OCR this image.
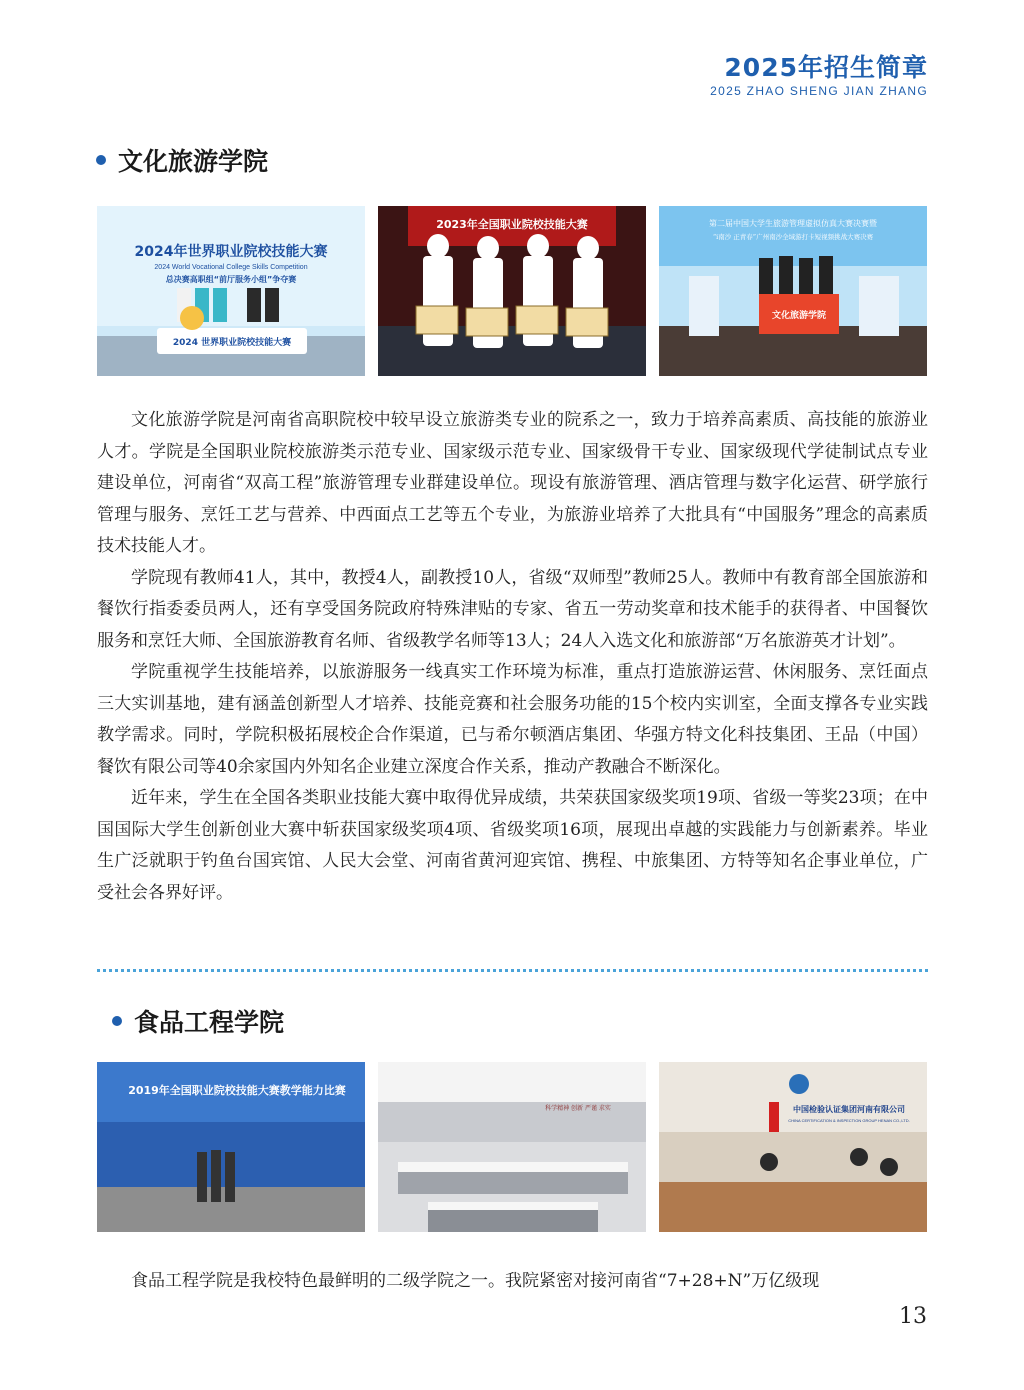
2025年招生简章
2025 ZHAO SHENG JIAN ZHANG
文化旅游学院
2024年世界职业院校技能大赛
2024 World Vocational College Skills Competition
总决赛高职组“前厅服务小组”争夺赛
2024 世界职业院校技能大赛
2023年全国职业院校技能大赛	第二届中国大学生旅游管理虚拟仿真大赛决赛暨
“i南沙 正青春”广州南沙全域游打卡短视频挑战大赛决赛
文化旅游学院

文化旅游学院是河南省高职院校中较早设立旅游类专业的院系之一，致力于培养高素质、高技能的旅游业人才。学院是全国职业院校旅游类示范专业、国家级示范专业、国家级骨干专业、国家级现代学徒制试点专业建设单位，河南省“双高工程”旅游管理专业群建设单位。现设有旅游管理、酒店管理与数字化运营、研学旅行管理与服务、烹饪工艺与营养、中西面点工艺等五个专业，为旅游业培养了大批具有“中国服务”理念的高素质技术技能人才。

学院现有教师41人，其中，教授4人，副教授10人，省级“双师型”教师25人。教师中有教育部全国旅游和餐饮行指委委员两人，还有享受国务院政府特殊津贴的专家、省五一劳动奖章和技术能手的获得者、中国餐饮服务和烹饪大师、全国旅游教育名师、省级教学名师等13人；24人入选文化和旅游部“万名旅游英才计划”。

学院重视学生技能培养，以旅游服务一线真实工作环境为标准，重点打造旅游运营、休闲服务、烹饪面点三大实训基地，建有涵盖创新型人才培养、技能竞赛和社会服务功能的15个校内实训室，全面支撑各专业实践教学需求。同时，学院积极拓展校企合作渠道，已与希尔顿酒店集团、华强方特文化科技集团、王品（中国）餐饮有限公司等40余家国内外知名企业建立深度合作关系，推动产教融合不断深化。

近年来，学生在全国各类职业技能大赛中取得优异成绩，共荣获国家级奖项19项、省级一等奖23项；在中国国际大学生创新创业大赛中斩获国家级奖项4项、省级奖项16项，展现出卓越的实践能力与创新素养。毕业生广泛就职于钓鱼台国宾馆、人民大会堂、河南省黄河迎宾馆、携程、中旅集团、方特等知名企事业单位，广受社会各界好评。

食品工程学院
2019年全国职业院校技能大赛教学能力比赛
科学精神 创新 严谨 求实	中国检验认证集团河南有限公司
CHINA CERTIFICATION & INSPECTION GROUP HENAN CO.,LTD.

食品工程学院是我校特色最鲜明的二级学院之一。我院紧密对接河南省“7+28+N”万亿级现

13
